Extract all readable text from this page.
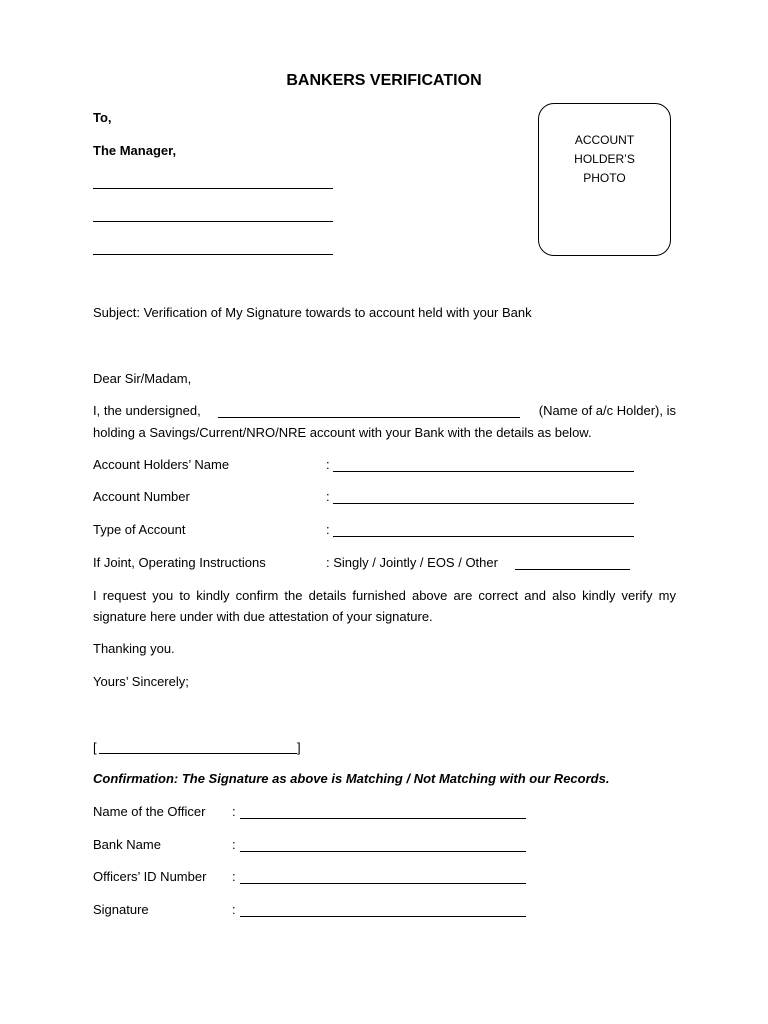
BANKERS VERIFICATION
To,
The Manager,
ACCOUNT
HOLDER’S
PHOTO
Subject: Verification of My Signature towards to account held with your Bank
Dear Sir/Madam,
I, the undersigned,	(Name of a/c Holder), is
holding a Savings/Current/NRO/NRE account with your Bank with the details as below.
Account Holders’ Name	:
Account Number	:
Type of Account	:
If Joint, Operating Instructions	: Singly / Jointly / EOS / Other
I request you to kindly confirm the details furnished above are correct and also kindly verify my signature here under with due attestation of your signature.
Thanking you.
Yours’ Sincerely;
[	]
Confirmation: The Signature as above is Matching / Not Matching with our Records.
Name of the Officer :
Bank Name	:
Officers’ ID Number :
Signature	:
